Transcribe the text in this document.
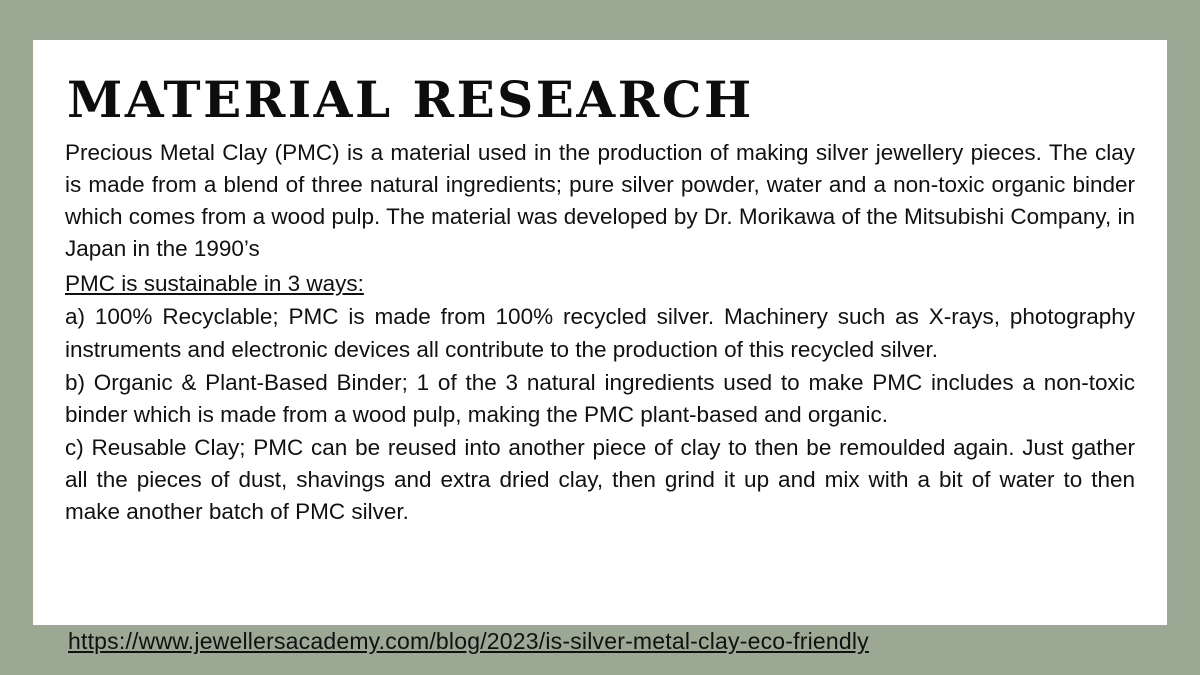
MATERIAL RESEARCH

Precious Metal Clay (PMC) is a material used in the production of making silver jewellery pieces. The clay is made from a blend of three natural ingredients; pure silver powder, water and a non-toxic organic binder which comes from a wood pulp. The material was developed by Dr. Morikawa of the Mitsubishi Company, in Japan in the 1990’s

PMC is sustainable in 3 ways:

a) 100% Recyclable; PMC is made from 100% recycled silver. Machinery such as X-rays, photography instruments and electronic devices all contribute to the production of this recycled silver.

b) Organic & Plant-Based Binder; 1 of the 3 natural ingredients used to make PMC includes a non-toxic binder which is made from a wood pulp, making the PMC plant-based and organic.

c) Reusable Clay; PMC can be reused into another piece of clay to then be remoulded again. Just gather all the pieces of dust, shavings and extra dried clay, then grind it up and mix with a bit of water to then make another batch of PMC silver.

https://www.jewellersacademy.com/blog/2023/is-silver-metal-clay-eco-friendly
